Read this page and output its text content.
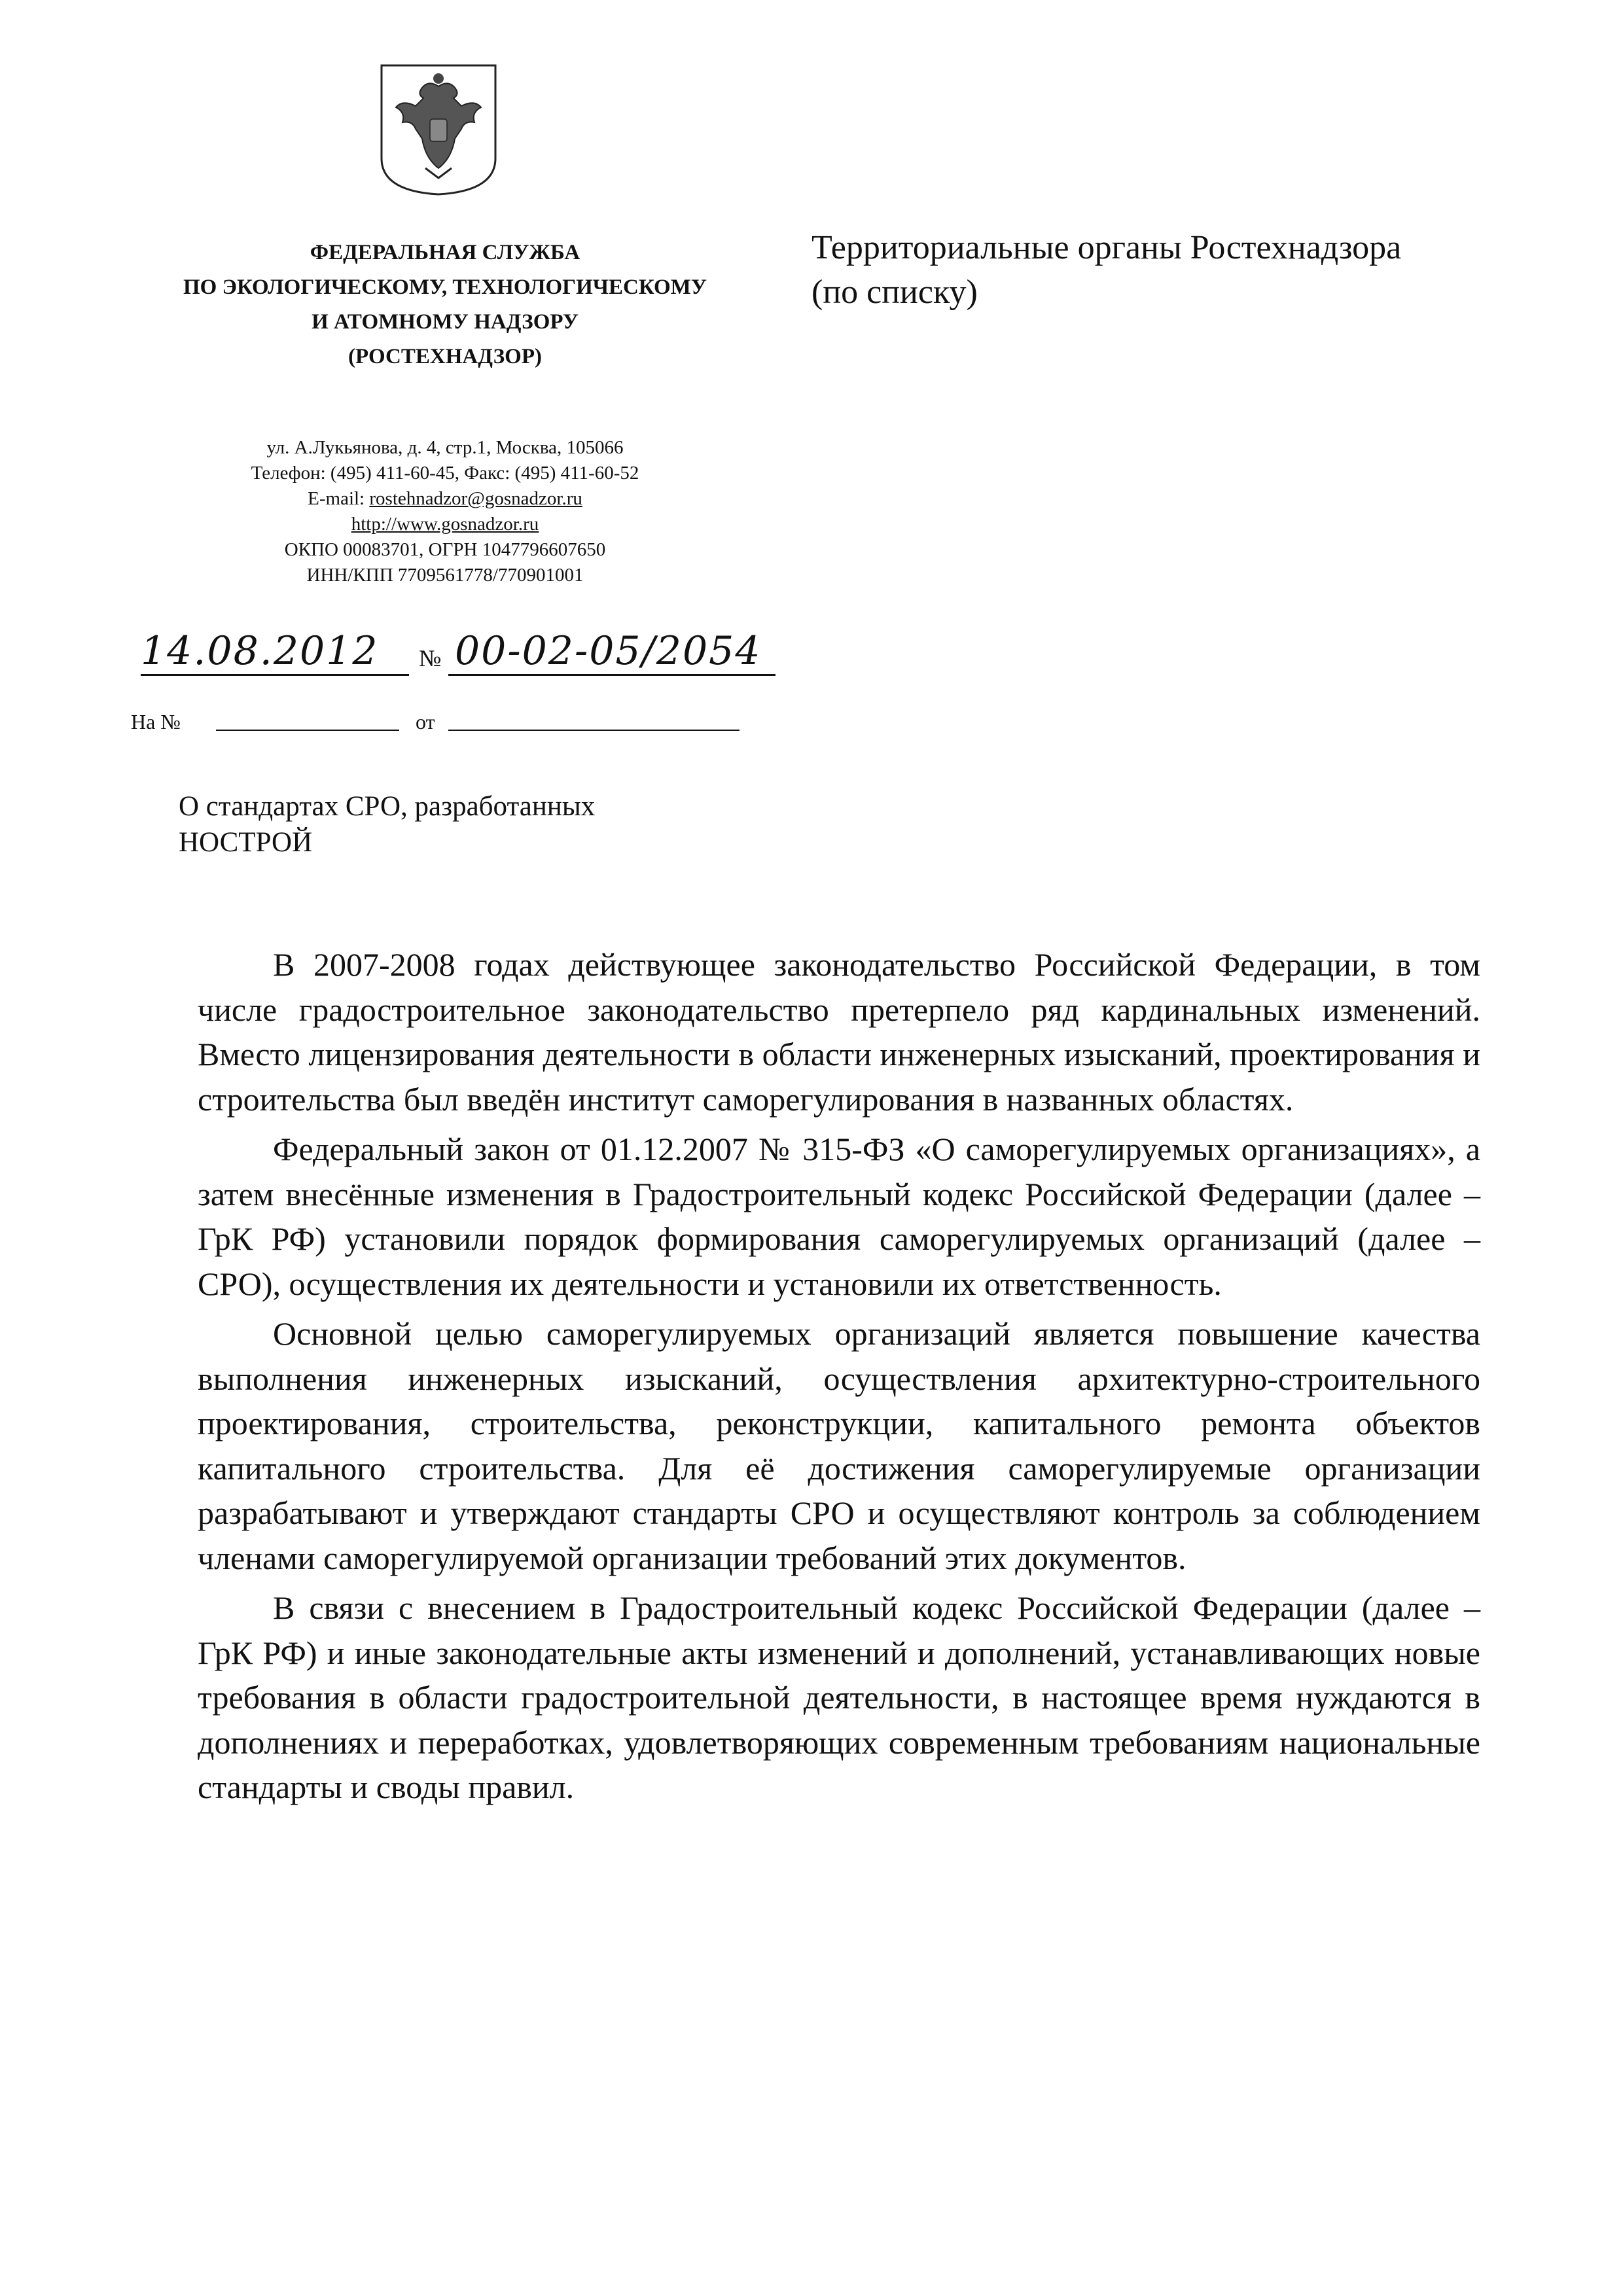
ФЕДЕРАЛЬНАЯ СЛУЖБА
ПО ЭКОЛОГИЧЕСКОМУ, ТЕХНОЛОГИЧЕСКОМУ
И АТОМНОМУ НАДЗОРУ
(РОСТЕХНАДЗОР)
ул. А.Лукьянова, д. 4, стр.1, Москва, 105066
Телефон: (495) 411-60-45, Факс: (495) 411-60-52
E-mail: rostehnadzor@gosnadzor.ru
http://www.gosnadzor.ru
ОКПО 00083701, ОГРН 1047796607650
ИНН/КПП 7709561778/770901001
Территориальные органы Ростехнадзора
(по списку)
14.08.2012 № 00-02-05/2054
На №	от
О стандартах СРО, разработанных
НОСТРОЙ

В 2007-2008 годах действующее законодательство Российской Федерации, в том числе градостроительное законодательство претерпело ряд кардинальных изменений. Вместо лицензирования деятельности в области инженерных изысканий, проектирования и строительства был введён институт саморегулирования в названных областях.

Федеральный закон от 01.12.2007 № 315-ФЗ «О саморегулируемых организациях», а затем внесённые изменения в Градостроительный кодекс Российской Федерации (далее – ГрК РФ) установили порядок формирования саморегулируемых организаций (далее – СРО), осуществления их деятельности и установили их ответственность.

Основной целью саморегулируемых организаций является повышение качества выполнения инженерных изысканий, осуществления архитектурно-строительного проектирования, строительства, реконструкции, капитального ремонта объектов капитального строительства. Для её достижения саморегулируемые организации разрабатывают и утверждают стандарты СРО и осуществляют контроль за соблюдением членами саморегулируемой организации требований этих документов.

В связи с внесением в Градостроительный кодекс Российской Федерации (далее – ГрК РФ) и иные законодательные акты изменений и дополнений, устанавливающих новые требования в области градостроительной деятельности, в настоящее время нуждаются в дополнениях и переработках, удовлетворяющих современным требованиям национальные стандарты и своды правил.
